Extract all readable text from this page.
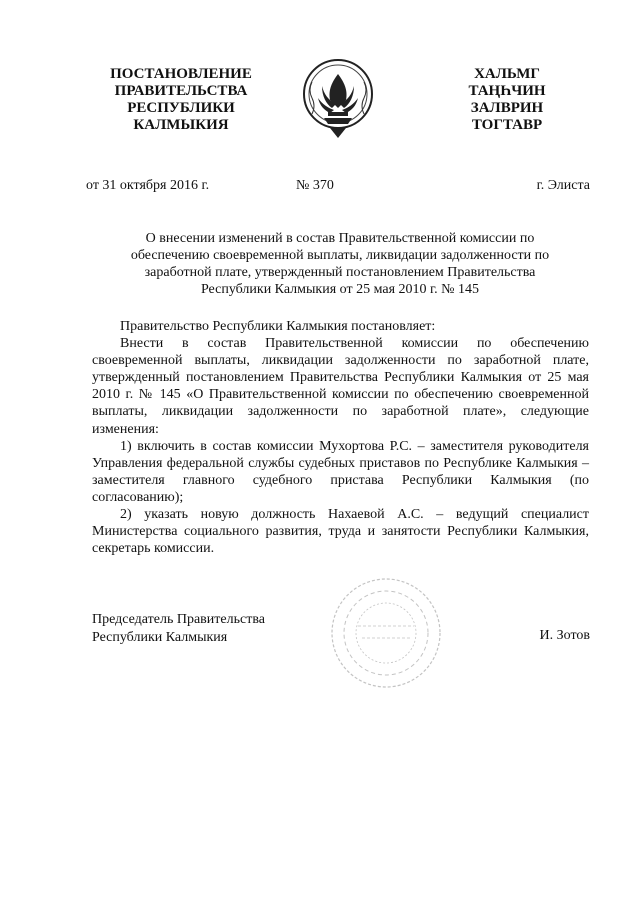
ПОСТАНОВЛЕНИЕ
ПРАВИТЕЛЬСТВА
РЕСПУБЛИКИ
КАЛМЫКИЯ
ХАЛЬМГ
ТАҢҺЧИН
ЗАЛВРИН
ТОГТАВР
от 31 октября 2016 г.	№ 370	г. Элиста
О внесении изменений в состав Правительственной комиссии по
обеспечению своевременной выплаты, ликвидации задолженности по
заработной плате, утвержденный постановлением Правительства
Республики Калмыкия от 25 мая 2010 г. № 145

Правительство Республики Калмыкия постановляет:

Внести в состав Правительственной комиссии по обеспечению своевременной выплаты, ликвидации задолженности по заработной плате, утвержденный постановлением Правительства Республики Калмыкия от 25 мая 2010 г. № 145 «О Правительственной комиссии по обеспечению своевременной выплаты, ликвидации задолженности по заработной плате», следующие изменения:

1) включить в состав комиссии Мухортова Р.С. – заместителя руководителя Управления федеральной службы судебных приставов по Республике Калмыкия – заместителя главного судебного пристава Республики Калмыкия (по согласованию);

2) указать новую должность Нахаевой А.С. – ведущий специалист Министерства социального развития, труда и занятости Республики Калмыкия, секретарь комиссии.

Председатель Правительства
Республики Калмыкия	И. Зотов
